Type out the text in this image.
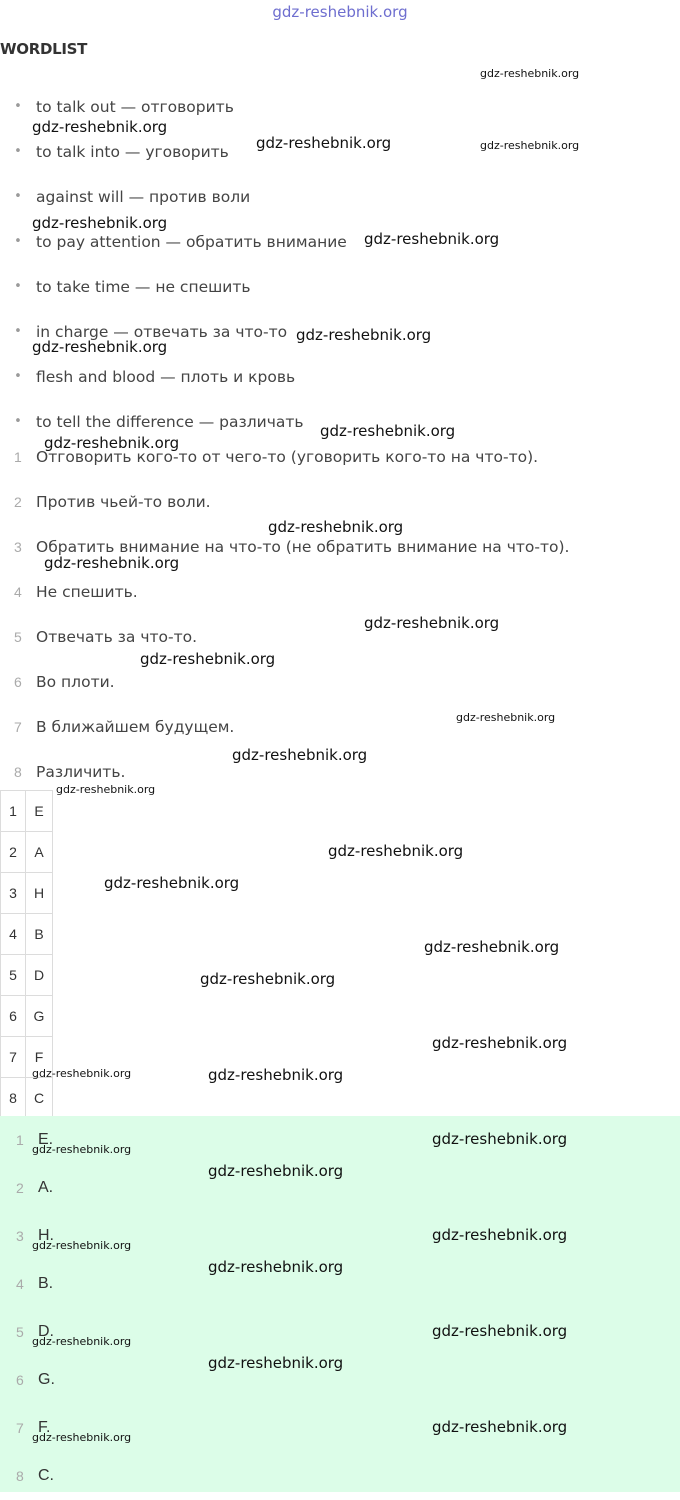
gdz-reshebnik.org
WORDLIST
• to talk out — отговорить
• to talk into — уговорить
• against will — против воли
• to pay attention — обратить внимание
• to take time — не спешить
• in charge — отвечать за что-то
• flesh and blood — плоть и кровь
• to tell the difference — различать
1 Отговорить кого-то от чего-то (уговорить кого-то на что-то).
2 Против чьей-то воли.
3 Обратить внимание на что-то (не обратить внимание на что-то).
4 Не спешить.
5 Отвечать за что-то.
6 Во плоти.
7 В ближайшем будущем.
8 Различить.
1	E
2	A
3	H
4	B
5	D
6	G
7	F
8	C
1 E.
2 A.
3 H.
4 B.
5 D.
6 G.
7 F.
8 C.
gdz-reshebnik.org
gdz-reshebnik.org
gdz-reshebnik.org	gdz-reshebnik.org
gdz-reshebnik.org
gdz-reshebnik.org
gdz-reshebnik.org
gdz-reshebnik.org
gdz-reshebnik.org
gdz-reshebnik.org
gdz-reshebnik.org
gdz-reshebnik.org
gdz-reshebnik.org
gdz-reshebnik.org
gdz-reshebnik.org
gdz-reshebnik.org
gdz-reshebnik.org
gdz-reshebnik.org
gdz-reshebnik.org
gdz-reshebnik.org
gdz-reshebnik.org
gdz-reshebnik.org
gdz-reshebnik.org	gdz-reshebnik.org
gdz-reshebnik.org
gdz-reshebnik.org
gdz-reshebnik.org
gdz-reshebnik.org
gdz-reshebnik.org
gdz-reshebnik.org
gdz-reshebnik.org
gdz-reshebnik.org
gdz-reshebnik.org
gdz-reshebnik.org
gdz-reshebnik.org
